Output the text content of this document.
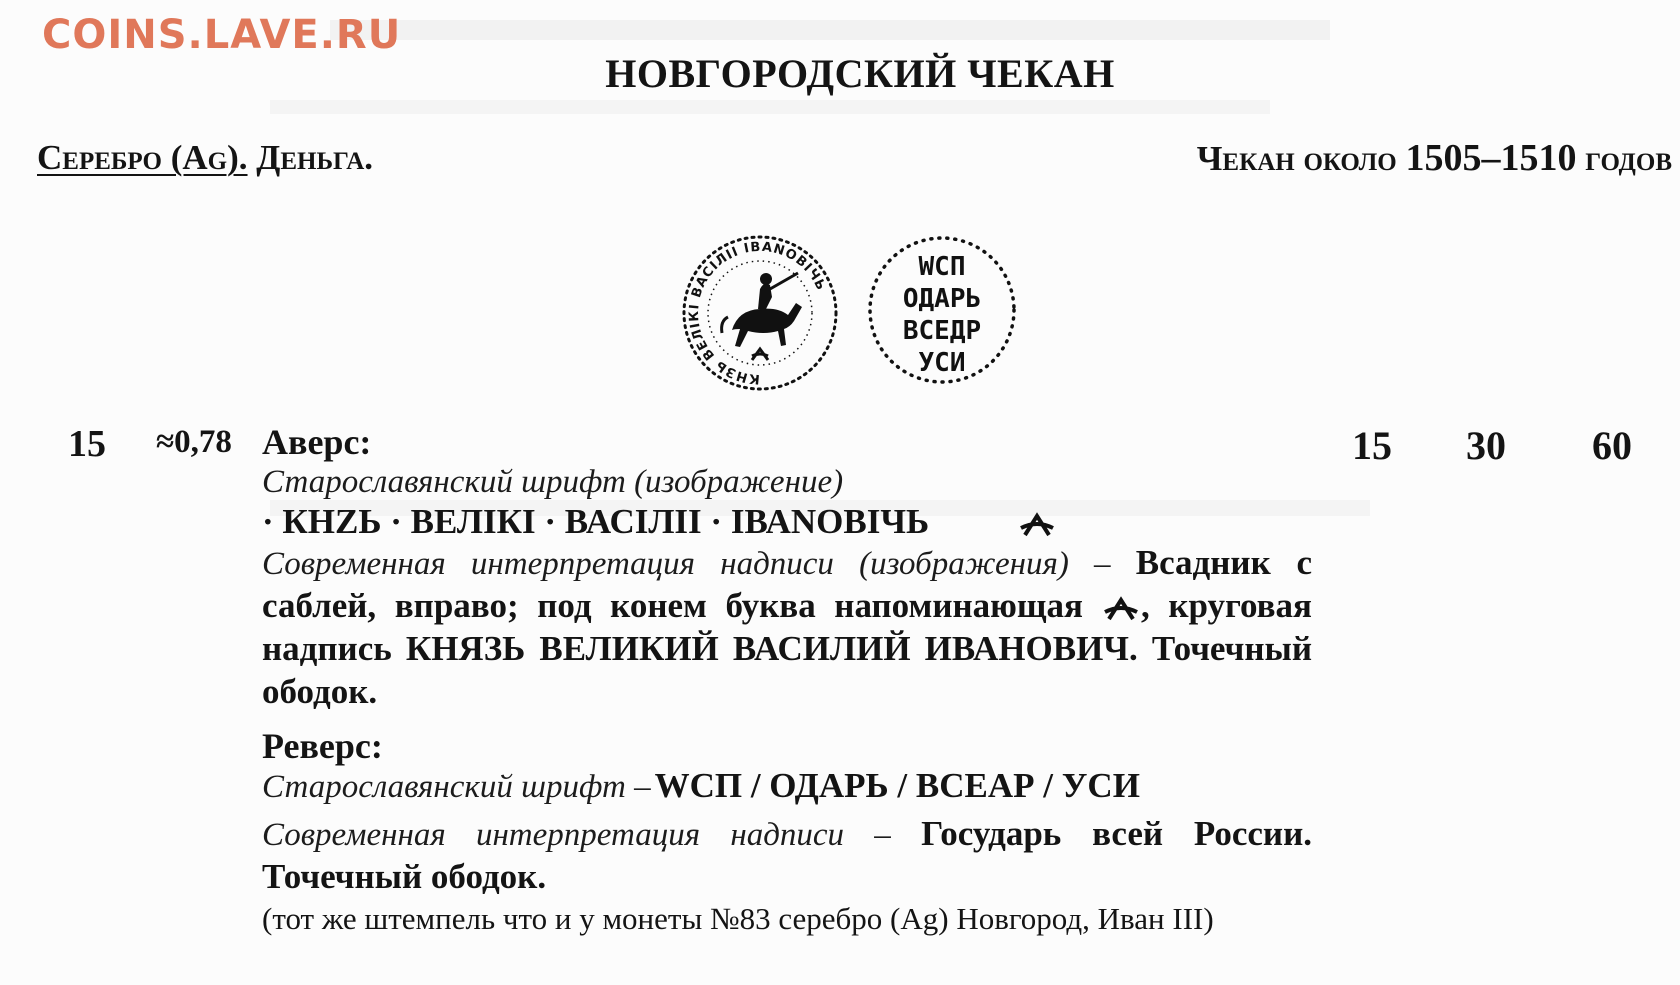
COINS.LAVE.RU
НОВГОРОДСКИЙ ЧЕКАН
Серебро (Ag). Деньга.	Чекан около 1505–1510 годов
КНЗЬ ВЕЛІКІ ВАСІЛІІ ІВАNОВІЧЬ
WСП
ОДАРЬ
ВСЕДР
УСИ
15 ≈0,78	15 30 60
Аверс:
Старославянский шрифт (изображение)
· КНZЬ · ВЕЛІКІ · ВАСІЛІІ · ІВАNОВІЧЬ
Современная интерпретация надписи (изображения) – Всадник с саблей, вправо; под конем буква напоминающая , круговая надпись КНЯЗЬ ВЕЛИКИЙ ВАСИЛИЙ ИВАНОВИЧ. Точечный ободок.
Реверс:
Старославянский шрифт – WСП / ОДАРЬ / ВСЕАР / УСИ
Современная интерпретация надписи – Государь всей России. Точечный ободок.
(тот же штемпель что и у монеты №83 серебро (Ag) Новгород, Иван III)
